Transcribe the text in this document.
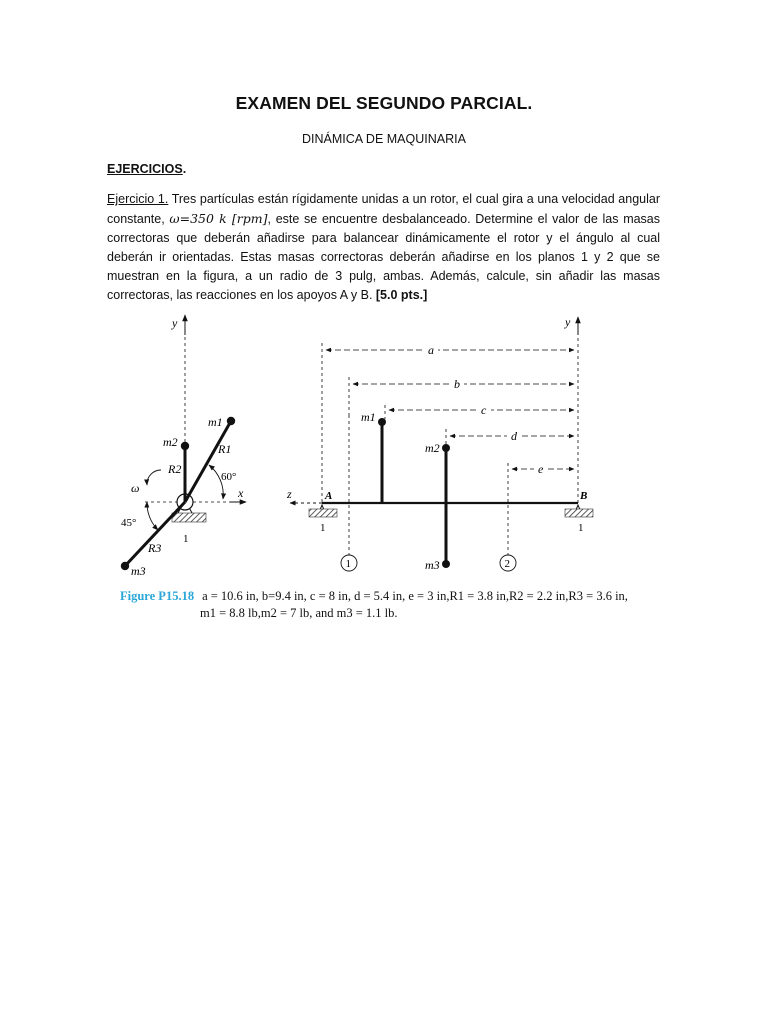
EXAMEN DEL SEGUNDO PARCIAL.
DINÁMICA DE MAQUINARIA
EJERCICIOS.
Ejercicio 1. Tres partículas están rígidamente unidas a un rotor, el cual gira a una velocidad angular constante, ω=350 k [rpm], este se encuentre desbalanceado. Determine el valor de las masas correctoras que deberán añadirse para balancear dinámicamente el rotor y el ángulo al cual deberán ir orientadas. Estas masas correctoras deberán añadirse en los planos 1 y 2 que se muestran en la figura, a un radio de 3 pulg, ambas. Además, calcule, sin añadir las masas correctoras, las reacciones en los apoyos A y B. [5.0 pts.]
y
x
1
m1
m2
m3
R1
R2
R3
60°
45°
ω	z
y
A	B
1	1
a
b
c
d
e
1	2
m1
m2
m3
Figure P15.18 a = 10.6 in, b=9.4 in, c = 8 in, d = 5.4 in, e = 3 in,R1 = 3.8 in,R2 = 2.2 in,R3 = 3.6 in,
m1 = 8.8 lb,m2 = 7 lb, and m3 = 1.1 lb.
